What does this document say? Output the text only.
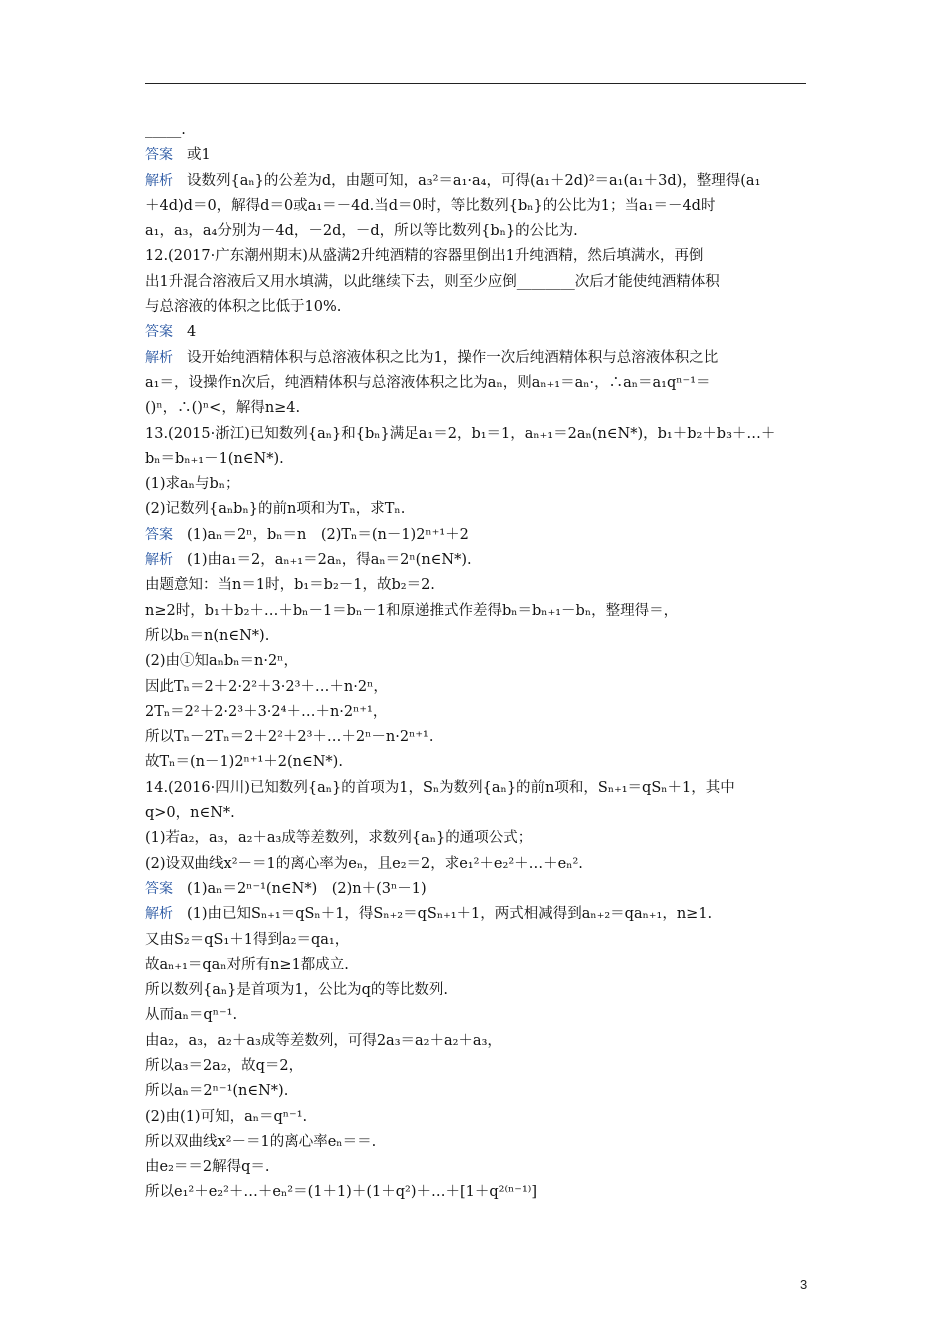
_____.
答案 或1
解析 设数列{aₙ}的公差为d，由题可知，a₃²＝a₁·a₄，可得(a₁＋2d)²＝a₁(a₁＋3d)，整理得(a₁
＋4d)d＝0，解得d＝0或a₁＝－4d.当d＝0时，等比数列{bₙ}的公比为1；当a₁＝－4d时
a₁，a₃，a₄分别为－4d，－2d，－d，所以等比数列{bₙ}的公比为.
12.(2017·广东潮州期末)从盛满2升纯酒精的容器里倒出1升纯酒精，然后填满水，再倒
出1升混合溶液后又用水填满，以此继续下去，则至少应倒________次后才能使纯酒精体积
与总溶液的体积之比低于10%.
答案 4
解析 设开始纯酒精体积与总溶液体积之比为1，操作一次后纯酒精体积与总溶液体积之比
a₁＝，设操作n次后，纯酒精体积与总溶液体积之比为aₙ，则aₙ₊₁＝aₙ·，∴aₙ＝a₁qⁿ⁻¹＝
()ⁿ，∴()ⁿ<，解得n≥4.
13.(2015·浙江)已知数列{aₙ}和{bₙ}满足a₁＝2，b₁＝1，aₙ₊₁＝2aₙ(n∈N*)，b₁＋b₂＋b₃＋…＋
bₙ＝bₙ₊₁－1(n∈N*).
(1)求aₙ与bₙ；
(2)记数列{aₙbₙ}的前n项和为Tₙ，求Tₙ.
答案 (1)aₙ＝2ⁿ，bₙ＝n　(2)Tₙ＝(n－1)2ⁿ⁺¹＋2
解析 (1)由a₁＝2，aₙ₊₁＝2aₙ，得aₙ＝2ⁿ(n∈N*).
由题意知：当n＝1时，b₁＝b₂－1，故b₂＝2.
n≥2时，b₁＋b₂＋…＋bₙ－1＝bₙ－1和原递推式作差得bₙ＝bₙ₊₁－bₙ，整理得＝，
所以bₙ＝n(n∈N*).
(2)由①知aₙbₙ＝n·2ⁿ，
因此Tₙ＝2＋2·2²＋3·2³＋…＋n·2ⁿ，
2Tₙ＝2²＋2·2³＋3·2⁴＋…＋n·2ⁿ⁺¹，
所以Tₙ－2Tₙ＝2＋2²＋2³＋…＋2ⁿ－n·2ⁿ⁺¹.
故Tₙ＝(n－1)2ⁿ⁺¹＋2(n∈N*).
14.(2016·四川)已知数列{aₙ}的首项为1，Sₙ为数列{aₙ}的前n项和，Sₙ₊₁＝qSₙ＋1，其中
q>0，n∈N*.
(1)若a₂，a₃，a₂＋a₃成等差数列，求数列{aₙ}的通项公式；
(2)设双曲线x²－＝1的离心率为eₙ，且e₂＝2，求e₁²＋e₂²＋…＋eₙ².
答案 (1)aₙ＝2ⁿ⁻¹(n∈N*)　(2)n＋(3ⁿ－1)
解析 (1)由已知Sₙ₊₁＝qSₙ＋1，得Sₙ₊₂＝qSₙ₊₁＋1，两式相减得到aₙ₊₂＝qaₙ₊₁，n≥1.
又由S₂＝qS₁＋1得到a₂＝qa₁，
故aₙ₊₁＝qaₙ对所有n≥1都成立.
所以数列{aₙ}是首项为1，公比为q的等比数列.
从而aₙ＝qⁿ⁻¹.
由a₂，a₃，a₂＋a₃成等差数列，可得2a₃＝a₂＋a₂＋a₃，
所以a₃＝2a₂，故q＝2，
所以aₙ＝2ⁿ⁻¹(n∈N*).
(2)由(1)可知，aₙ＝qⁿ⁻¹.
所以双曲线x²－＝1的离心率eₙ＝＝.
由e₂＝＝2解得q＝.
所以e₁²＋e₂²＋…＋eₙ²＝(1＋1)＋(1＋q²)＋…＋[1＋q²⁽ⁿ⁻¹⁾]
3
